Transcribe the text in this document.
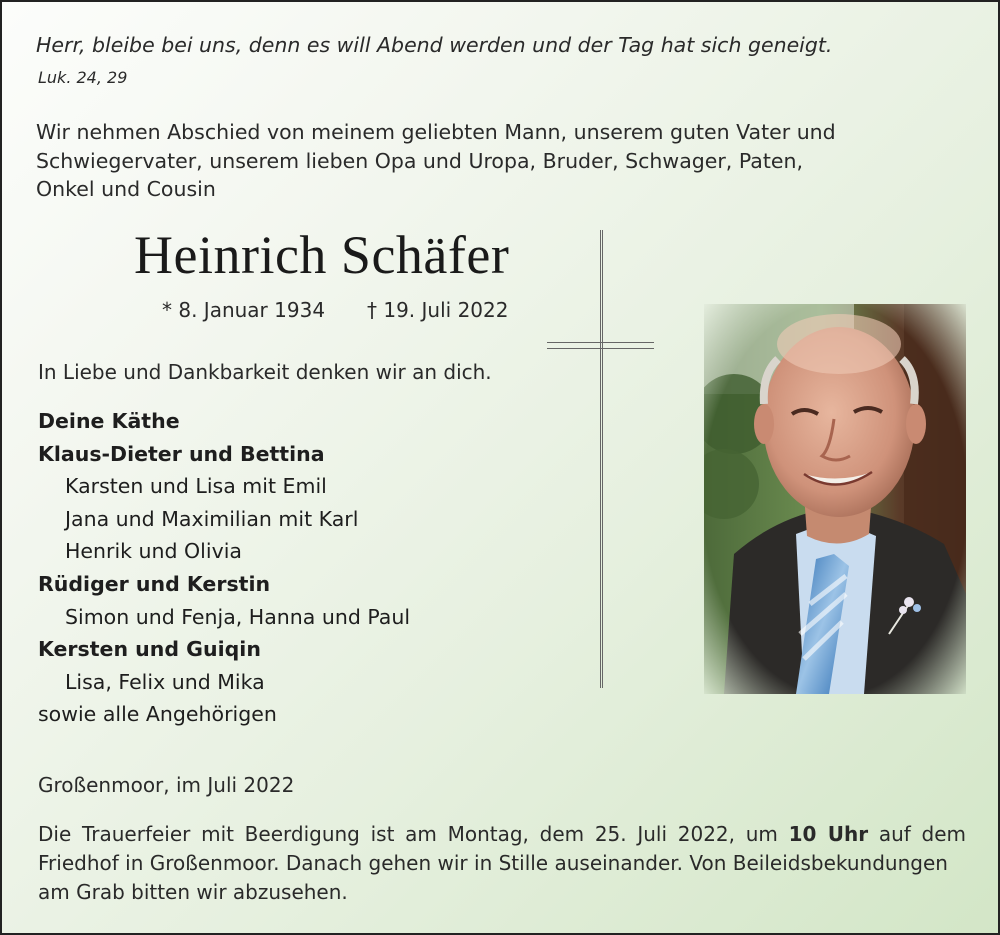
Herr, bleibe bei uns, denn es will Abend werden und der Tag hat sich geneigt.

Luk. 24, 29

Wir nehmen Abschied von meinem geliebten Mann, unserem guten Vater und
Schwiegervater, unserem lieben Opa und Uropa, Bruder, Schwager, Paten,
Onkel und Cousin
Heinrich Schäfer
* 8. Januar 1934 † 19. Juli 2022

In Liebe und Dankbarkeit denken wir an dich.

Deine Käthe
Klaus-Dieter und Bettina
Karsten und Lisa mit Emil
Jana und Maximilian mit Karl
Henrik und Olivia
Rüdiger und Kerstin
Simon und Fenja, Hanna und Paul
Kersten und Guiqin
Lisa, Felix und Mika
sowie alle Angehörigen

Großenmoor, im Juli 2022

Die Trauerfeier mit Beerdigung ist am Montag, dem 25. Juli 2022, um 10 Uhr auf dem
Friedhof in Großenmoor. Danach gehen wir in Stille auseinander. Von Beileidsbekundungen
am Grab bitten wir abzusehen.
